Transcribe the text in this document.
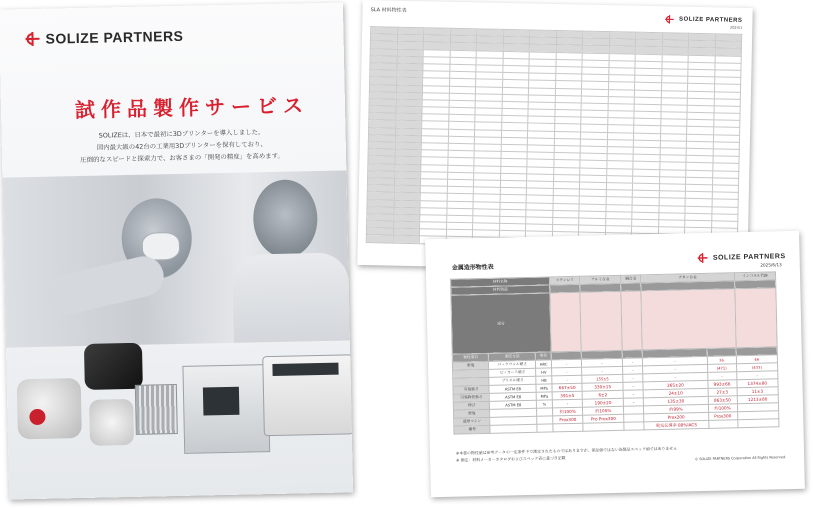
SOLIZE PARTNERS
試作品製作サービス
SOLIZEは、日本で最初に3Dプリンターを導入しました。
国内最大級の42台の工業用3Dプリンターを保有しており、
圧倒的なスピードと探索力で、お客さまの「開発の精度」を高めます。
SLA 材料物性表
SOLIZE PARTNERS
2024/1

金属造形物性表
SOLIZE PARTNERS
2025/6/13
材料名称			ステンレス	アルミ合金	銅合金	チタン合金		インコネル718
材料製造								
成分								
物性項目	測定方法	単位						
密度	ロックウェル硬さ	HRC	-	-	-	-	36	46
	ビッカース硬さ	HV	-	-	-	-	(471)	(433)
	ブリネル硬さ	HB	-	155±5	-	-	-	-
引張強さ	ASTM E8	MPa	667±50	330±15	-	265±20	993±66	1374±80
引張降伏強さ	ASTM E8	MPa	391±5	6±2	-	24±10	27±3	11±3
伸び	ASTM E8	%	-	190±20	-	135±30	863±50	1213±80
密度			約100%	約100%		約99%	約100%	
造形マシン			Prox300	Pro Prox300		Prox200	Prox300	
備考						電気伝導率 88%IACS		
※本書の物性値は参考データの一定条件下で測定されたものではありますが、保証値ではない為製品スペック値ではありません
※ 測定：材料メーカーカタログおよびスペック表に基づき記載	© SOLIZE PARTNERS Corporation All Rights Reserved.
